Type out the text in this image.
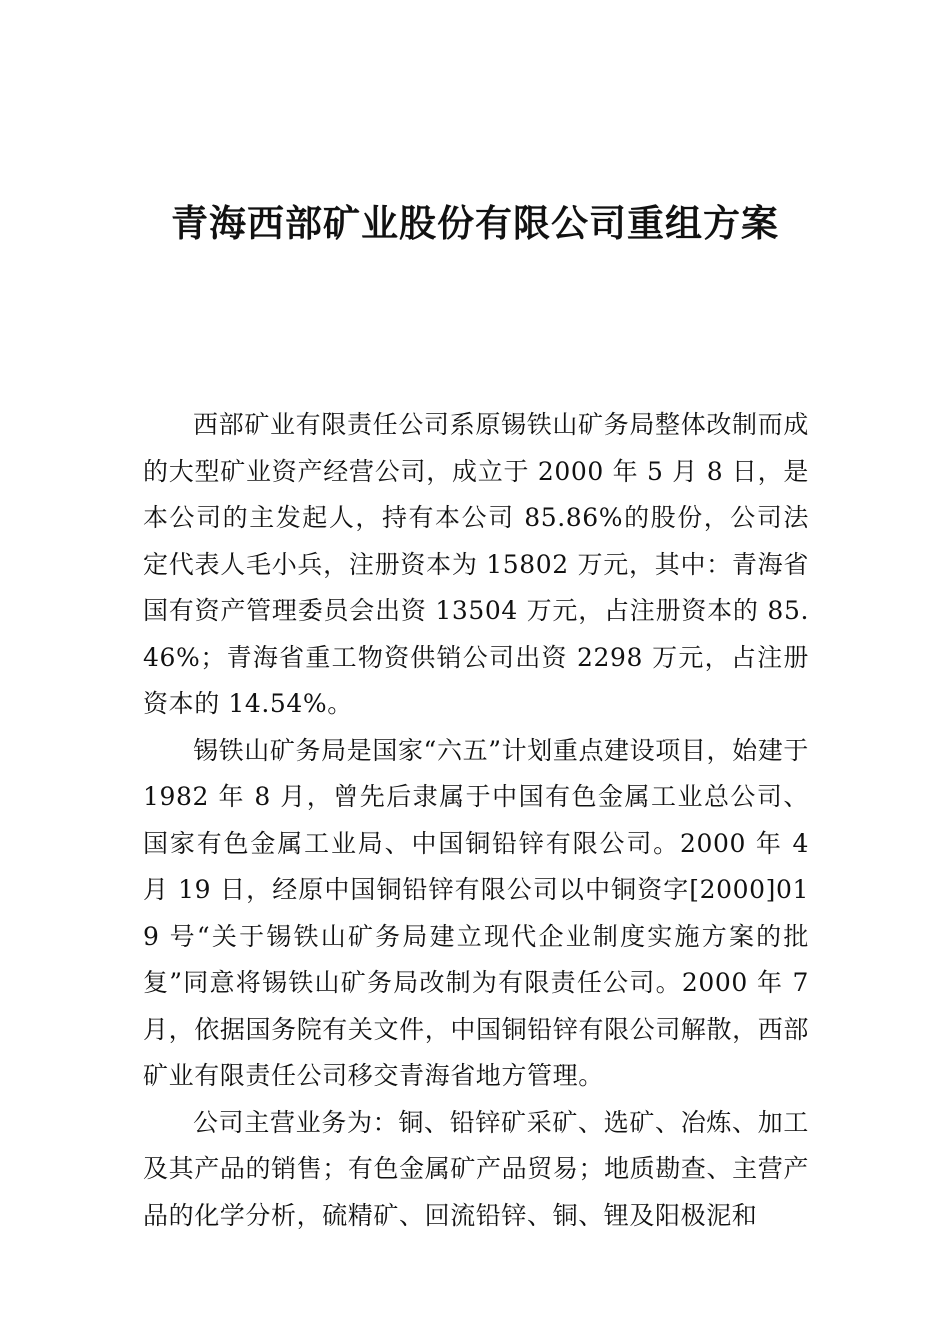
青海西部矿业股份有限公司重组方案

西部矿业有限责任公司系原锡铁山矿务局整体改制而成的大型矿业资产经营公司，成立于 2000 年 5 月 8 日，是本公司的主发起人，持有本公司 85.86%的股份，公司法定代表人毛小兵，注册资本为 15802 万元，其中：青海省国有资产管理委员会出资 13504 万元，占注册资本的 85.46%；青海省重工物资供销公司出资 2298 万元，占注册资本的 14.54%。

锡铁山矿务局是国家“六五”计划重点建设项目，始建于 1982 年 8 月，曾先后隶属于中国有色金属工业总公司、国家有色金属工业局、中国铜铅锌有限公司。2000 年 4 月 19 日，经原中国铜铅锌有限公司以中铜资字[2000]019 号“关于锡铁山矿务局建立现代企业制度实施方案的批复”同意将锡铁山矿务局改制为有限责任公司。2000 年 7 月，依据国务院有关文件，中国铜铅锌有限公司解散，西部矿业有限责任公司移交青海省地方管理。

公司主营业务为：铜、铅锌矿采矿、选矿、冶炼、加工及其产品的销售；有色金属矿产品贸易；地质勘查、主营产品的化学分析，硫精矿、回流铅锌、铜、锂及阳极泥和
